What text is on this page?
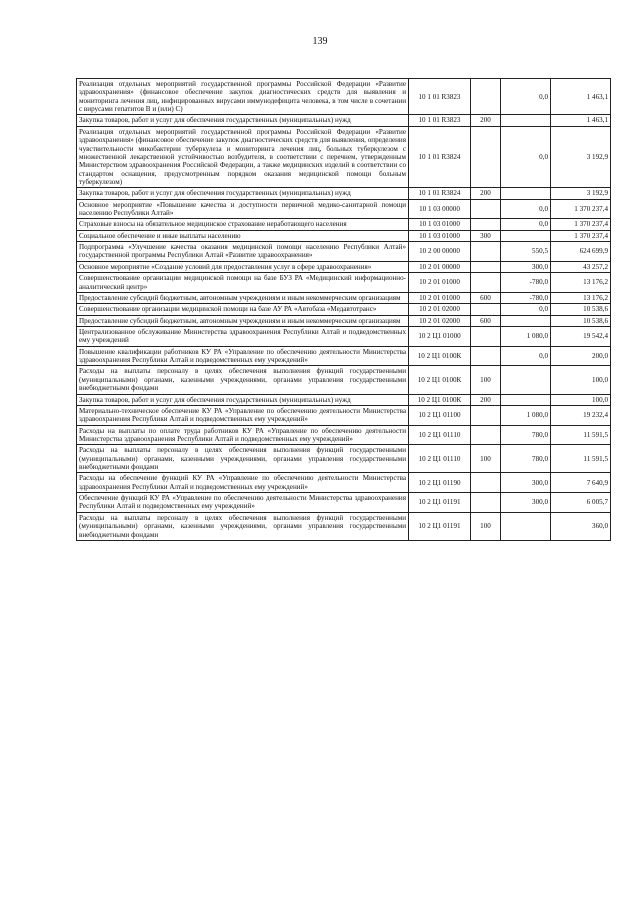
139
Реализация отдельных мероприятий государственной программы Российской Федерации «Развитие здравоохранения» (финансовое обеспечение закупок диагностических средств для выявления и мониторинга лечения лиц, инфицированных вирусами иммунодефицита человека, в том числе в сочетании с вирусами гепатитов В и (или) С)	10 1 01 R3823		0,0	1 463,1
Закупка товаров, работ и услуг для обеспечения государственных (муниципальных) нужд	10 1 01 R3823	200		1 463,1
Реализация отдельных мероприятий государственной программы Российской Федерации «Развитие здравоохранения» (финансовое обеспечение закупок диагностических средств для выявления, определения чувствительности микобактерии туберкулеза и мониторинга лечения лиц, больных туберкулезом с множественной лекарственной устойчивостью возбудителя, в соответствии с перечнем, утвержденным Министерством здравоохранения Российской Федерации, а также медицинских изделий в соответствии со стандартом оснащения, предусмотренным порядком оказания медицинской помощи больным туберкулезом)	10 1 01 R3824		0,0	3 192,9
Закупка товаров, работ и услуг для обеспечения государственных (муниципальных) нужд	10 1 01 R3824	200		3 192,9
Основное мероприятие «Повышение качества и доступности первичной медико-санитарной помощи населению Республики Алтай»	10 1 03 00000		0,0	1 370 237,4
Страховые взносы на обязательное медицинское страхование неработающего населения	10 1 03 01000		0,0	1 370 237,4
Социальное обеспечение и иные выплаты населению	10 1 03 01000	300		1 370 237,4
Подпрограмма «Улучшение качества оказания медицинской помощи населению Республики Алтай» государственной программы Республики Алтай «Развитие здравоохранения»	10 2 00 00000		550,5	624 699,9
Основное мероприятие «Создание условий для предоставления услуг в сфере здравоохранения»	10 2 01 00000		300,0	43 257,2
Совершенствование организации медицинской помощи на базе БУЗ РА «Медицинский информационно-аналитический центр»	10 2 01 01000		-780,0	13 176,2
Предоставление субсидий бюджетным, автономным учреждениям и иным некоммерческим организациям	10 2 01 01000	600	-780,0	13 176,2
Совершенствование организации медицинской помощи на базе АУ РА «Автобаза «Медавтотранс»	10 2 01 02000		0,0	10 538,6
Предоставление субсидий бюджетным, автономным учреждениям и иным некоммерческим организациям	10 2 01 02000	600		10 538,6
Централизованное обслуживание Министерства здравоохранения Республики Алтай и подведомственных ему учреждений	10 2 Ц1 01000		1 080,0	19 542,4
Повышение квалификации работников КУ РА «Управление по обеспечению деятельности Министерства здравоохранения Республики Алтай и подведомственных ему учреждений»	10 2 Ц1 0100К		0,0	200,0
Расходы на выплаты персоналу в целях обеспечения выполнения функций государственными (муниципальными) органами, казенными учреждениями, органами управления государственными внебюджетными фондами	10 2 Ц1 0100К	100		100,0
Закупка товаров, работ и услуг для обеспечения государственных (муниципальных) нужд	10 2 Ц1 0100К	200		100,0
Материально-техническое обеспечение КУ РА «Управление по обеспечению деятельности Министерства здравоохранения Республики Алтай и подведомственных ему учреждений»	10 2 Ц1 01100		1 080,0	19 232,4
Расходы на выплаты по оплате труда работников КУ РА «Управление по обеспечению деятельности Министерства здравоохранения Республики Алтай и подведомственных ему учреждений»	10 2 Ц1 01110		780,0	11 591,5
Расходы на выплаты персоналу в целях обеспечения выполнения функций государственными (муниципальными) органами, казенными учреждениями, органами управления государственными внебюджетными фондами	10 2 Ц1 01110	100	780,0	11 591,5
Расходы на обеспечение функций КУ РА «Управление по обеспечению деятельности Министерства здравоохранения Республики Алтай и подведомственных ему учреждений»	10 2 Ц1 01190		300,0	7 640,9
Обеспечение функций КУ РА «Управление по обеспечению деятельности Министерства здравоохранения Республики Алтай и подведомственных ему учреждений»	10 2 Ц1 01191		300,0	6 005,7
Расходы на выплаты персоналу в целях обеспечения выполнения функций государственными (муниципальными) органами, казенными учреждениями, органами управления государственными внебюджетными фондами	10 2 Ц1 01191	100		360,0
